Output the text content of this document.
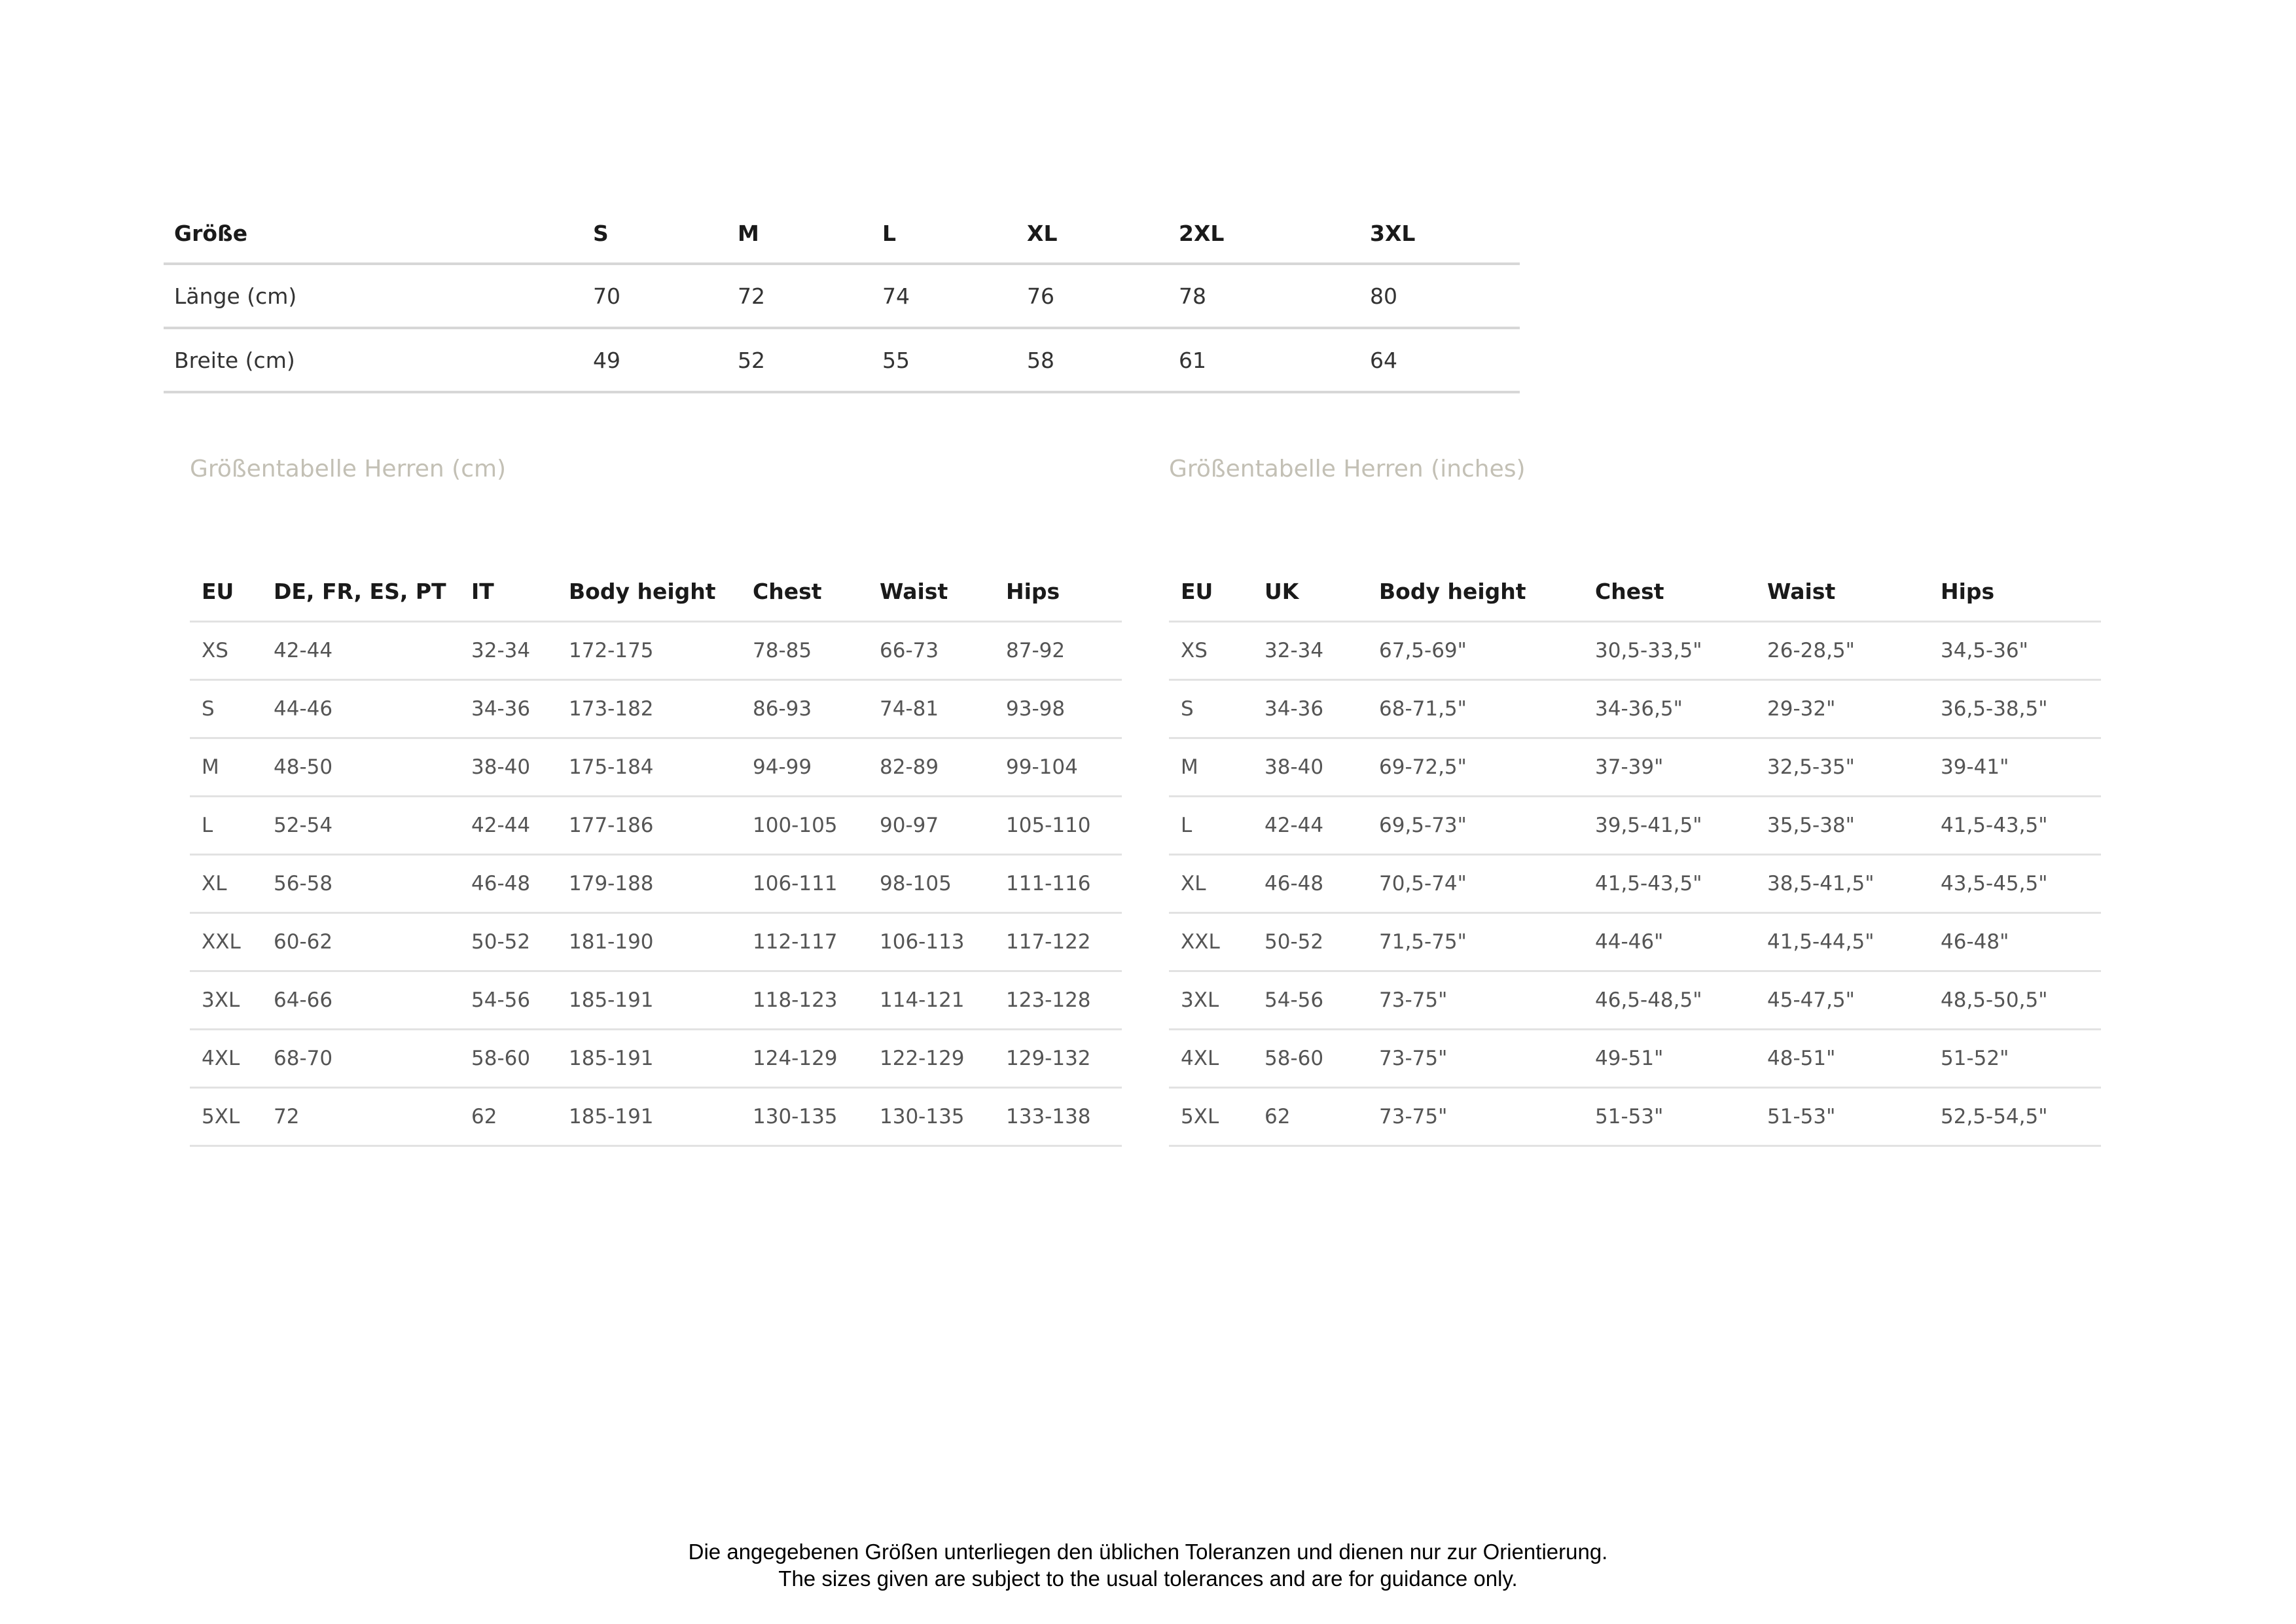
Größe	S	M	L	XL	2XL	3XL
Länge (cm)	70	72	74	76	78	80
Breite (cm)	49	52	55	58	61	64
Größentabelle Herren (cm)	Größentabelle Herren (inches)
EU	DE, FR, ES, PT	IT	Body height	Chest	Waist	Hips
XS	42-44	32-34	172-175	78-85	66-73	87-92
S	44-46	34-36	173-182	86-93	74-81	93-98
M	48-50	38-40	175-184	94-99	82-89	99-104
L	52-54	42-44	177-186	100-105	90-97	105-110
XL	56-58	46-48	179-188	106-111	98-105	111-116
XXL	60-62	50-52	181-190	112-117	106-113	117-122
3XL	64-66	54-56	185-191	118-123	114-121	123-128
4XL	68-70	58-60	185-191	124-129	122-129	129-132
5XL	72	62	185-191	130-135	130-135	133-138
EU	UK	Body height	Chest	Waist	Hips
XS	32-34	67,5-69"	30,5-33,5"	26-28,5"	34,5-36"
S	34-36	68-71,5"	34-36,5"	29-32"	36,5-38,5"
M	38-40	69-72,5"	37-39"	32,5-35"	39-41"
L	42-44	69,5-73"	39,5-41,5"	35,5-38"	41,5-43,5"
XL	46-48	70,5-74"	41,5-43,5"	38,5-41,5"	43,5-45,5"
XXL	50-52	71,5-75"	44-46"	41,5-44,5"	46-48"
3XL	54-56	73-75"	46,5-48,5"	45-47,5"	48,5-50,5"
4XL	58-60	73-75"	49-51"	48-51"	51-52"
5XL	62	73-75"	51-53"	51-53"	52,5-54,5"
Die angegebenen Größen unterliegen den üblichen Toleranzen und dienen nur zur Orientierung.
The sizes given are subject to the usual tolerances and are for guidance only.
